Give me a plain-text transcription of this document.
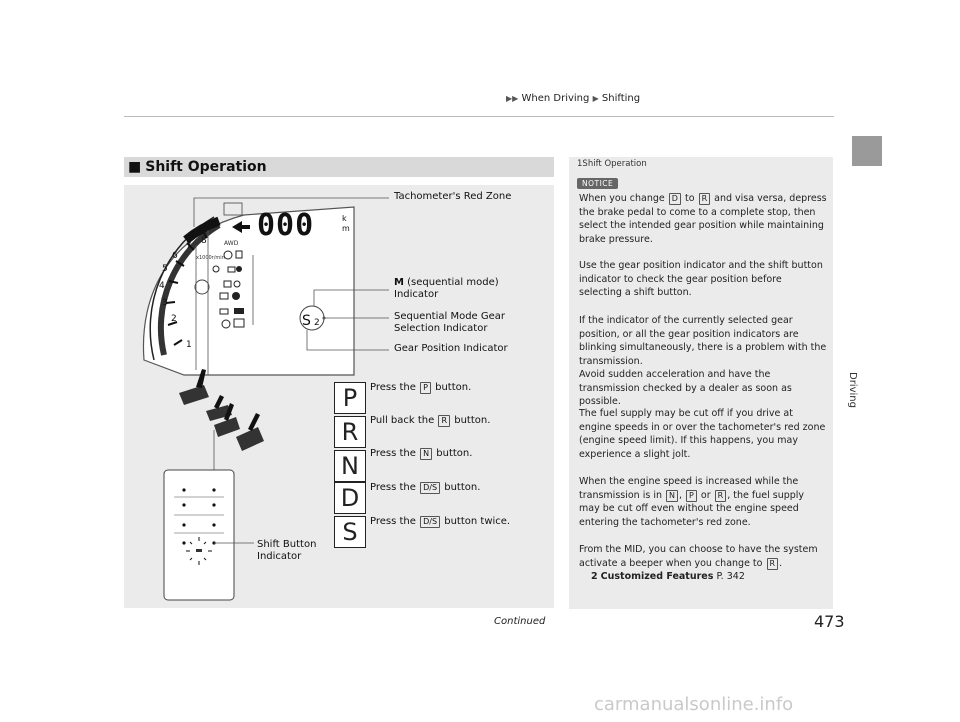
▶▶ When Driving ▶ Shifting
Driving
■ Shift Operation
1
2
3
4
5
6
7 8
x1000r/min
AWD
000	k
m
S 2
Tachometer's Red Zone
M (sequential mode)
Indicator
Sequential Mode Gear
Selection Indicator
Gear Position Indicator
Shift Button
Indicator
P	Press the P button.
R	Pull back the R button.
N	Press the N button.
D	Press the D/S button.
S	Press the D/S button twice.
1Shift Operation
NOTICE
When you change D to R and visa versa, depress the brake pedal to come to a complete stop, then select the intended gear position while maintaining brake pressure.
Use the gear position indicator and the shift button indicator to check the gear position before selecting a shift button.
If the indicator of the currently selected gear position, or all the gear position indicators are blinking simultaneously, there is a problem with the transmission.
Avoid sudden acceleration and have the transmission checked by a dealer as soon as possible.
The fuel supply may be cut off if you drive at engine speeds in or over the tachometer's red zone (engine speed limit). If this happens, you may experience a slight jolt.
When the engine speed is increased while the transmission is in N , P or R , the fuel supply may be cut off even without the engine speed entering the tachometer's red zone.
From the MID, you can choose to have the system activate a beeper when you change to R .
2 Customized Features P. 342
Continued	473
carmanualsonline.info
